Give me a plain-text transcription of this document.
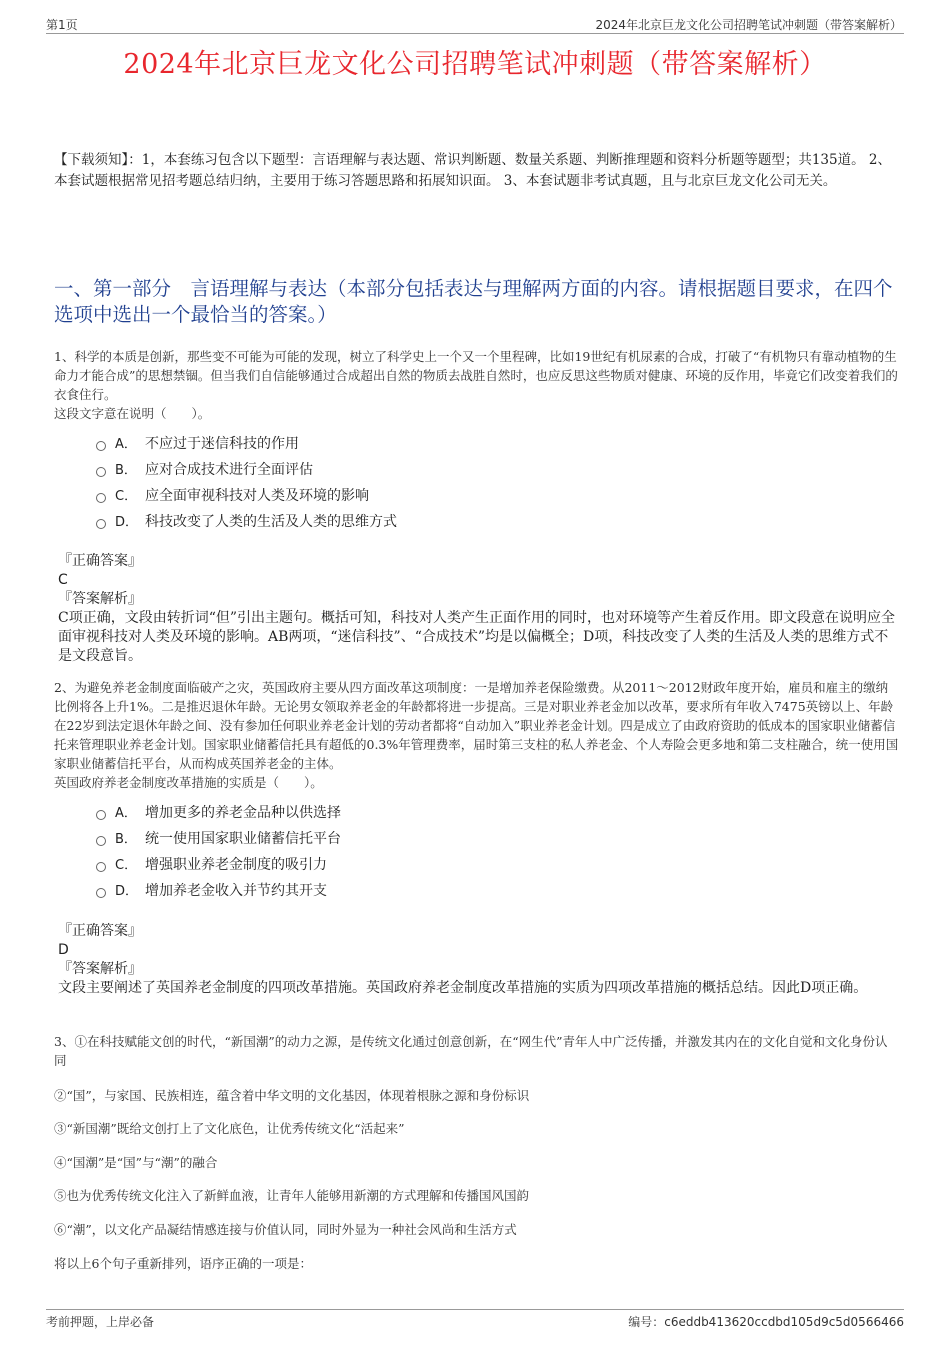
第1页	2024年北京巨龙文化公司招聘笔试冲刺题（带答案解析）
2024年北京巨龙文化公司招聘笔试冲刺题（带答案解析）
【下载须知】：1，本套练习包含以下题型：言语理解与表达题、常识判断题、数量关系题、判断推理题和资料分析题等题型；共135道。 2、本套试题根据常见招考题总结归纳，主要用于练习答题思路和拓展知识面。 3、本套试题非考试真题，且与北京巨龙文化公司无关。
一、第一部分　言语理解与表达（本部分包括表达与理解两方面的内容。请根据题目要求，在四个选项中选出一个最恰当的答案。）
1、科学的本质是创新，那些变不可能为可能的发现，树立了科学史上一个又一个里程碑，比如19世纪有机尿素的合成，打破了“有机物只有靠动植物的生命力才能合成”的思想禁锢。但当我们自信能够通过合成超出自然的物质去战胜自然时，也应反思这些物质对健康、环境的反作用，毕竟它们改变着我们的衣食住行。
这段文字意在说明（　　）。
A． 不应过于迷信科技的作用
B． 应对合成技术进行全面评估
C． 应全面审视科技对人类及环境的影响
D． 科技改变了人类的生活及人类的思维方式
『正确答案』
C
『答案解析』
C项正确，文段由转折词“但”引出主题句。概括可知，科技对人类产生正面作用的同时，也对环境等产生着反作用。即文段意在说明应全面审视科技对人类及环境的影响。AB两项，“迷信科技”、“合成技术”均是以偏概全；D项，科技改变了人类的生活及人类的思维方式不是文段意旨。
2、为避免养老金制度面临破产之灾，英国政府主要从四方面改革这项制度：一是增加养老保险缴费。从2011～2012财政年度开始，雇员和雇主的缴纳比例将各上升1%。二是推迟退休年龄。无论男女领取养老金的年龄都将进一步提高。三是对职业养老金加以改革，要求所有年收入7475英镑以上、年龄在22岁到法定退休年龄之间、没有参加任何职业养老金计划的劳动者都将“自动加入”职业养老金计划。四是成立了由政府资助的低成本的国家职业储蓄信托来管理职业养老金计划。国家职业储蓄信托具有超低的0.3%年管理费率，届时第三支柱的私人养老金、个人寿险会更多地和第二支柱融合，统一使用国家职业储蓄信托平台，从而构成英国养老金的主体。
英国政府养老金制度改革措施的实质是（　　）。
A． 增加更多的养老金品种以供选择
B． 统一使用国家职业储蓄信托平台
C． 增强职业养老金制度的吸引力
D． 增加养老金收入并节约其开支
『正确答案』
D
『答案解析』
文段主要阐述了英国养老金制度的四项改革措施。英国政府养老金制度改革措施的实质为四项改革措施的概括总结。因此D项正确。
3、①在科技赋能文创的时代，“新国潮”的动力之源，是传统文化通过创意创新，在“网生代”青年人中广泛传播，并激发其内在的文化自觉和文化身份认同
②“国”，与家国、民族相连，蕴含着中华文明的文化基因，体现着根脉之源和身份标识
③“新国潮”既给文创打上了文化底色，让优秀传统文化“活起来”
④“国潮”是“国”与“潮”的融合
⑤也为优秀传统文化注入了新鲜血液，让青年人能够用新潮的方式理解和传播国风国韵
⑥“潮”，以文化产品凝结情感连接与价值认同，同时外显为一种社会风尚和生活方式
将以上6个句子重新排列，语序正确的一项是：
考前押题，上岸必备	编号：c6eddb413620ccdbd105d9c5d0566466
